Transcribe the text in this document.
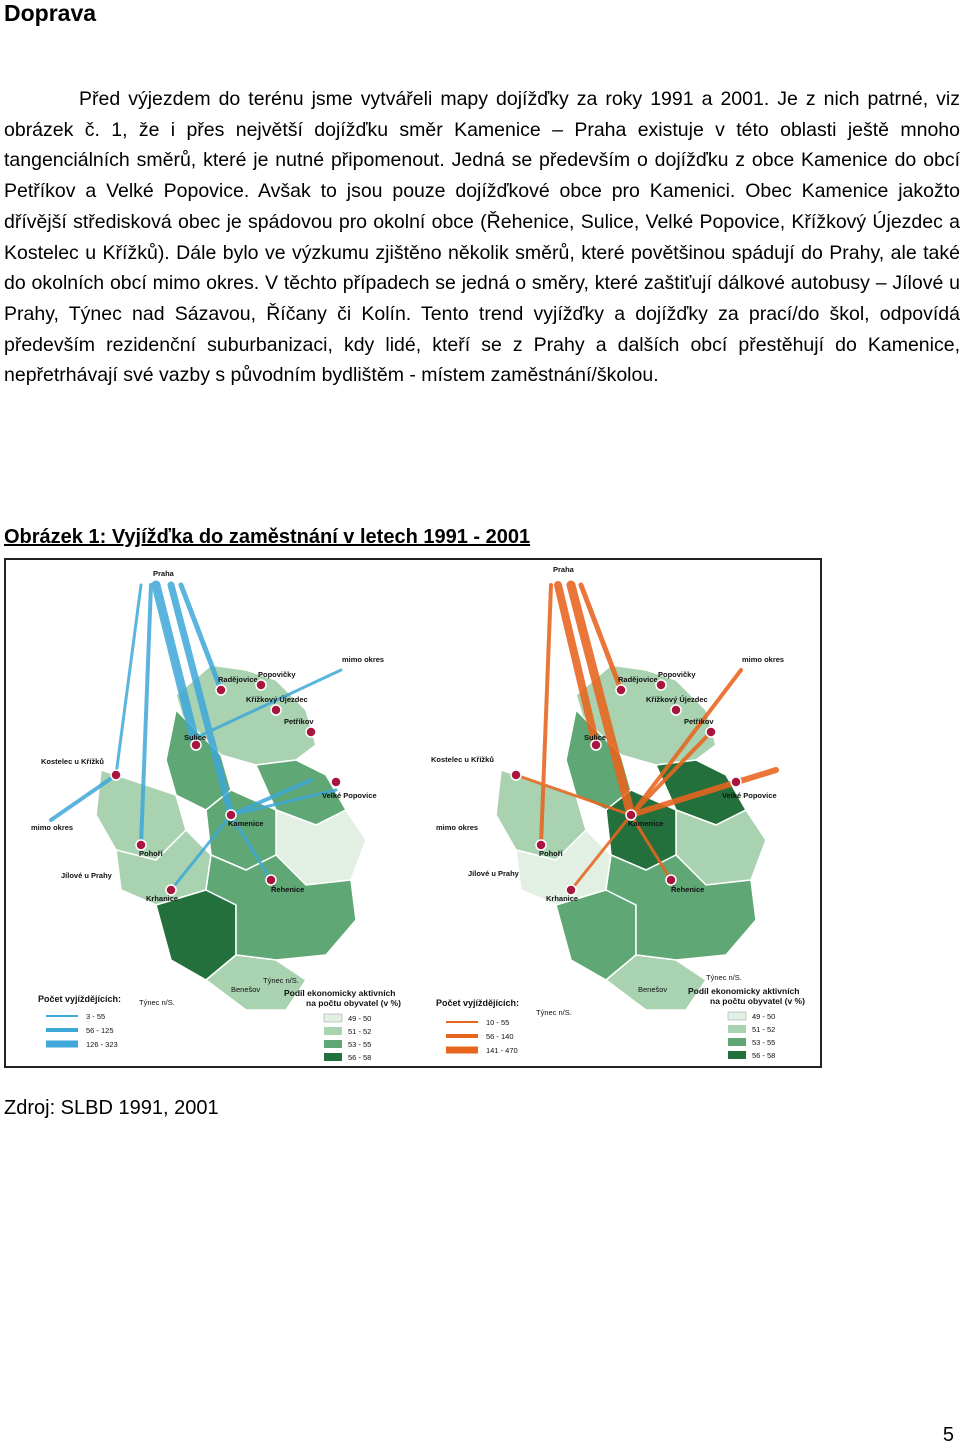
Doprava

Před výjezdem do terénu jsme vytvářeli mapy dojížďky za roky 1991 a 2001. Je z nich patrné, viz obrázek č. 1, že i přes největší dojížďku směr Kamenice – Praha existuje v této oblasti ještě mnoho tangenciálních směrů, které je nutné připomenout. Jedná se především o dojížďku z obce Kamenice do obcí Petříkov a Velké Popovice. Avšak to jsou pouze dojížďkové obce pro Kamenici. Obec Kamenice jakožto dřívější středisková obec je spádovou pro okolní obce (Řehenice, Sulice, Velké Popovice, Křížkový Újezdec a Kostelec u Křížků). Dále bylo ve výzkumu zjištěno několik směrů, které povětšinou spádují do Prahy, ale také do okolních obcí mimo okres. V těchto případech se jedná o směry, které zaštiťují dálkové autobusy – Jílové u Prahy, Týnec nad Sázavou, Říčany či Kolín. Tento trend vyjížďky a dojížďky za prací/do škol, odpovídá především rezidenční suburbanizaci, kdy lidé, kteří se z Prahy a dalších obcí přestěhují do Kamenice, nepřetrhávají své vazby s původním bydlištěm - místem zaměstnání/školou.

Obrázek 1: Vyjížďka do zaměstnání v letech 1991 - 2001

Praha
mimo okres
Radějovice
Popovičky
Křížkový Újezdec
Petříkov
Sulice
Kostelec u Křížků
Velké Popovice
mimo okres
Pohoří
Kamenice
Jílové u Prahy
Krhanice
Řehenice
Týnec n/S.
Benešov
Týnec n/S.
Počet vyjíždějících:
3 - 55
56 - 125
126 - 323
Podíl ekonomicky aktivních
na počtu obyvatel (v %)
49 - 50
51 - 52
53 - 55
56 - 58
Praha
mimo okres
Radějovice
Popovičky
Křížkový Újezdec
Petříkov
Sulice
Kostelec u Křížků
Velké Popovice
mimo okres
Pohoří
Kamenice
Jílové u Prahy
Krhanice
Řehenice
Týnec n/S.
Benešov
Týnec n/S.
Počet vyjíždějících:
10 - 55
56 - 140
141 - 470
Podíl ekonomicky aktivních
na počtu obyvatel (v %)
49 - 50
51 - 52
53 - 55
56 - 58

Zdroj: SLBD 1991, 2001

5
